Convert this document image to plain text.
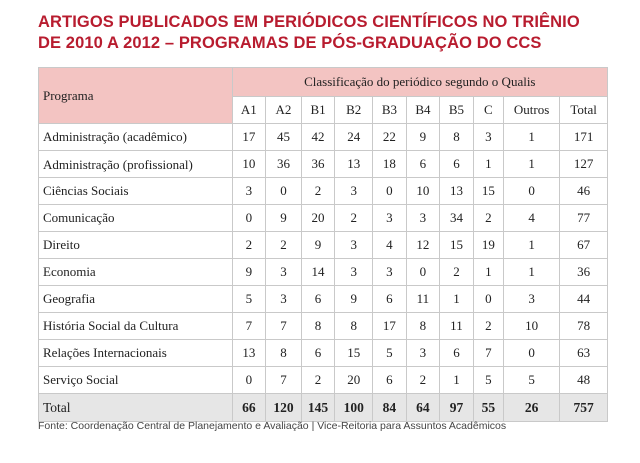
ARTIGOS PUBLICADOS EM PERIÓDICOS CIENTÍFICOS NO TRIÊNIO
DE 2010 A 2012 – PROGRAMAS DE PÓS-GRADUAÇÃO DO CCS
Programa	Classificação do periódico segundo o Qualis									
	A1	A2	B1	B2	B3	B4	B5	C	Outros	Total
Administração (acadêmico)	17	45	42	24	22	9	8	3	1	171
Administração (profissional)	10	36	36	13	18	6	6	1	1	127
Ciências Sociais	3	0	2	3	0	10	13	15	0	46
Comunicação	0	9	20	2	3	3	34	2	4	77
Direito	2	2	9	3	4	12	15	19	1	67
Economia	9	3	14	3	3	0	2	1	1	36
Geografia	5	3	6	9	6	11	1	0	3	44
História Social da Cultura	7	7	8	8	17	8	11	2	10	78
Relações Internacionais	13	8	6	15	5	3	6	7	0	63
Serviço Social	0	7	2	20	6	2	1	5	5	48
Total	66	120	145	100	84	64	97	55	26	757
Fonte: Coordenação Central de Planejamento e Avaliação | Vice-Reitoria para Assuntos Acadêmicos
